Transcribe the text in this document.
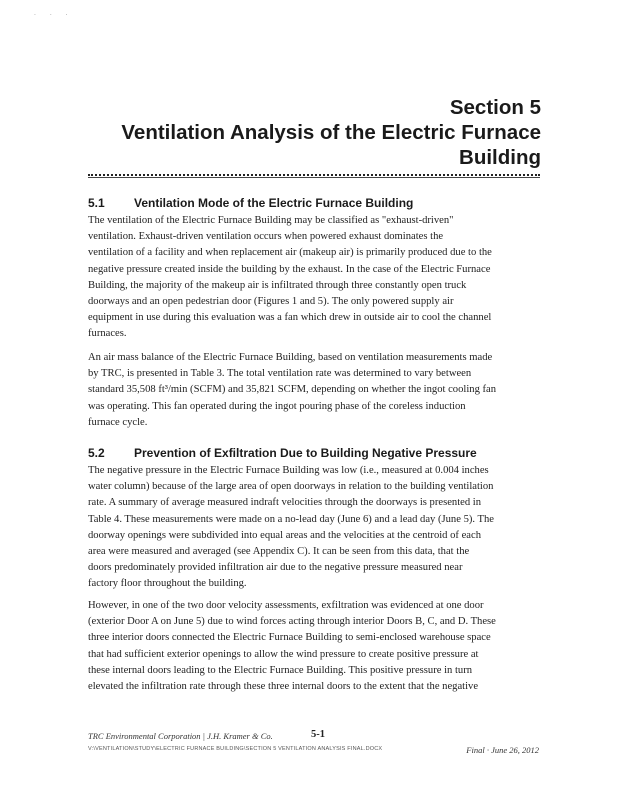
. . .
Section 5
Ventilation Analysis of the Electric Furnace
Building
5.1 Ventilation Mode of the Electric Furnace Building
The ventilation of the Electric Furnace Building may be classified as "exhaust-driven"
ventilation. Exhaust-driven ventilation occurs when powered exhaust dominates the
ventilation of a facility and when replacement air (makeup air) is primarily produced due to the
negative pressure created inside the building by the exhaust. In the case of the Electric Furnace
Building, the majority of the makeup air is infiltrated through three constantly open truck
doorways and an open pedestrian door (Figures 1 and 5). The only powered supply air
equipment in use during this evaluation was a fan which drew in outside air to cool the channel
furnaces.
An air mass balance of the Electric Furnace Building, based on ventilation measurements made
by TRC, is presented in Table 3. The total ventilation rate was determined to vary between
standard 35,508 ft³/min (SCFM) and 35,821 SCFM, depending on whether the ingot cooling fan
was operating. This fan operated during the ingot pouring phase of the coreless induction
furnace cycle.
5.2 Prevention of Exfiltration Due to Building Negative Pressure
The negative pressure in the Electric Furnace Building was low (i.e., measured at 0.004 inches
water column) because of the large area of open doorways in relation to the building ventilation
rate. A summary of average measured indraft velocities through the doorways is presented in
Table 4. These measurements were made on a no-lead day (June 6) and a lead day (June 5). The
doorway openings were subdivided into equal areas and the velocities at the centroid of each
area were measured and averaged (see Appendix C). It can be seen from this data, that the
doors predominately provided infiltration air due to the negative pressure measured near
factory floor throughout the building.
However, in one of the two door velocity assessments, exfiltration was evidenced at one door
(exterior Door A on June 5) due to wind forces acting through interior Doors B, C, and D. These
three interior doors connected the Electric Furnace Building to semi-enclosed warehouse space
that had sufficient exterior openings to allow the wind pressure to create positive pressure at
these internal doors leading to the Electric Furnace Building. This positive pressure in turn
elevated the infiltration rate through these three internal doors to the extent that the negative
TRC Environmental Corporation | J.H. Kramer & Co.	5-1
V:\VENTILATION\STUDY\ELECTRIC FURNACE BUILDING\SECTION 5 VENTILATION ANALYSIS FINAL.DOCX	Final · June 26, 2012
